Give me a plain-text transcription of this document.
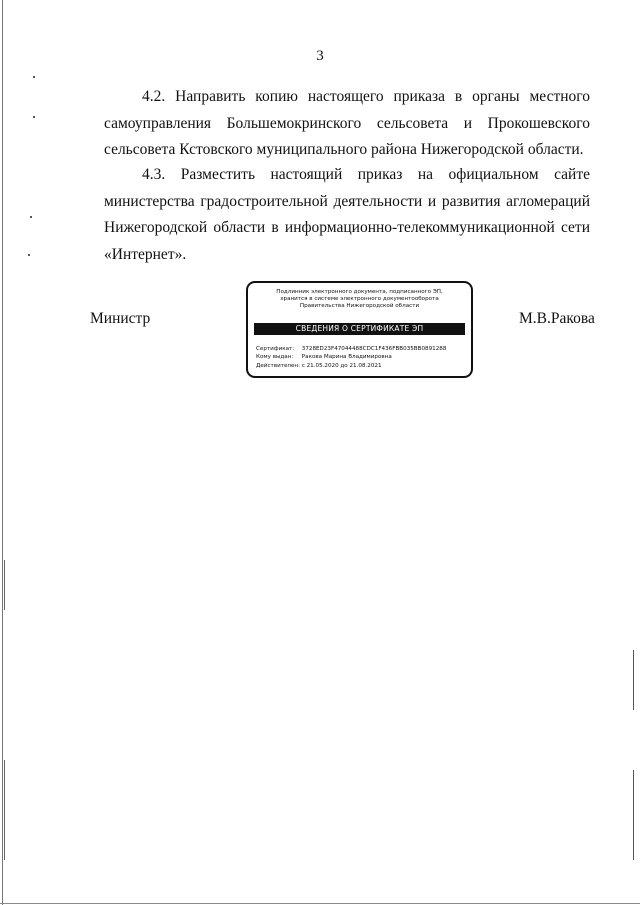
3

4.2. Направить копию настоящего приказа в органы местного самоуправления Большемокринского сельсовета и Прокошевского сельсовета Кстовского муниципального района Нижегородской области.

4.3. Разместить настоящий приказ на официальном сайте министерства градостроительной деятельности и развития агломераций Нижегородской области в информационно-телекоммуникационной сети «Интернет».

Министр
Подлинник электронного документа, подписанного ЭП,
хранится в системе электронного документооборота
Правительства Нижегородской области
СВЕДЕНИЯ О СЕРТИФИКАТЕ ЭП
Сертификат: 3728ED23F47044488CDC1F436FBB035BB0891288
Кому выдан: Ракова Марина Владимировна
Действителен: с 21.05.2020 до 21.08.2021
М.В.Ракова
